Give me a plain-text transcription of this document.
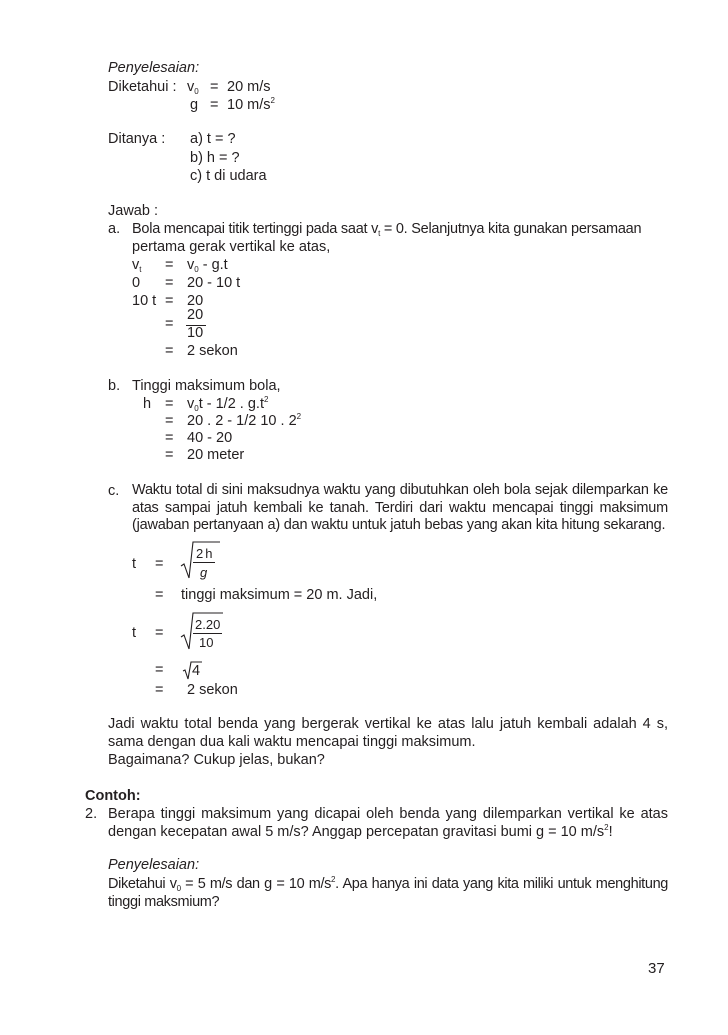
Penyelesaian:
Diketahui : $v_0 = 20$ m/s
g = 10 $m/s^2$
Ditanya : a) t = ?
b) h = ?
c) t di udara
Jawab :
a. Bola mencapai titik tertinggi pada saat $v_t = 0$. Selanjutnya kita gunakan persamaan
pertama gerak vertikal ke atas,
$v_t = v_0 - g.t$
0 = 20 - 10 t
10 t = 20
=
20
10
= 2 sekon
b. Tinggi maksimum bola,
$h = v_0t - 1/2$ . $g.t^2$
= 20 . 2 - 1/2 10 . $2^2$
= 40 - 20
= 20 meter
c. Waktu total di sini maksudnya waktu yang dibutuhkan oleh bola sejak dilemparkan ke atas sampai jatuh kembali ke tanah. Terdiri dari waktu mencapai tinggi maksimum (jawaban pertanyaan a) dan waktu untuk jatuh bebas yang akan kita hitung sekarang.
t =
2h
g
= tinggi maksimum = 20 m. Jadi,
t =
2.20
10
= 4
= 2 sekon
Jadi waktu total benda yang bergerak vertikal ke atas lalu jatuh kembali adalah 4 s, sama dengan dua kali waktu mencapai tinggi maksimum.
Bagaimana? Cukup jelas, bukan?
Contoh:
2. Berapa tinggi maksimum yang dicapai oleh benda yang dilemparkan vertikal ke atas dengan kecepatan awal 5 m/s? Anggap percepatan gravitasi bumi g = 10 $m/s^2$!
Penyelesaian:
Diketahui $v_0 = 5$ m/s dan g = 10 $m/s^2$. Apa hanya ini data yang kita miliki untuk menghitung tinggi maksmium?
37
